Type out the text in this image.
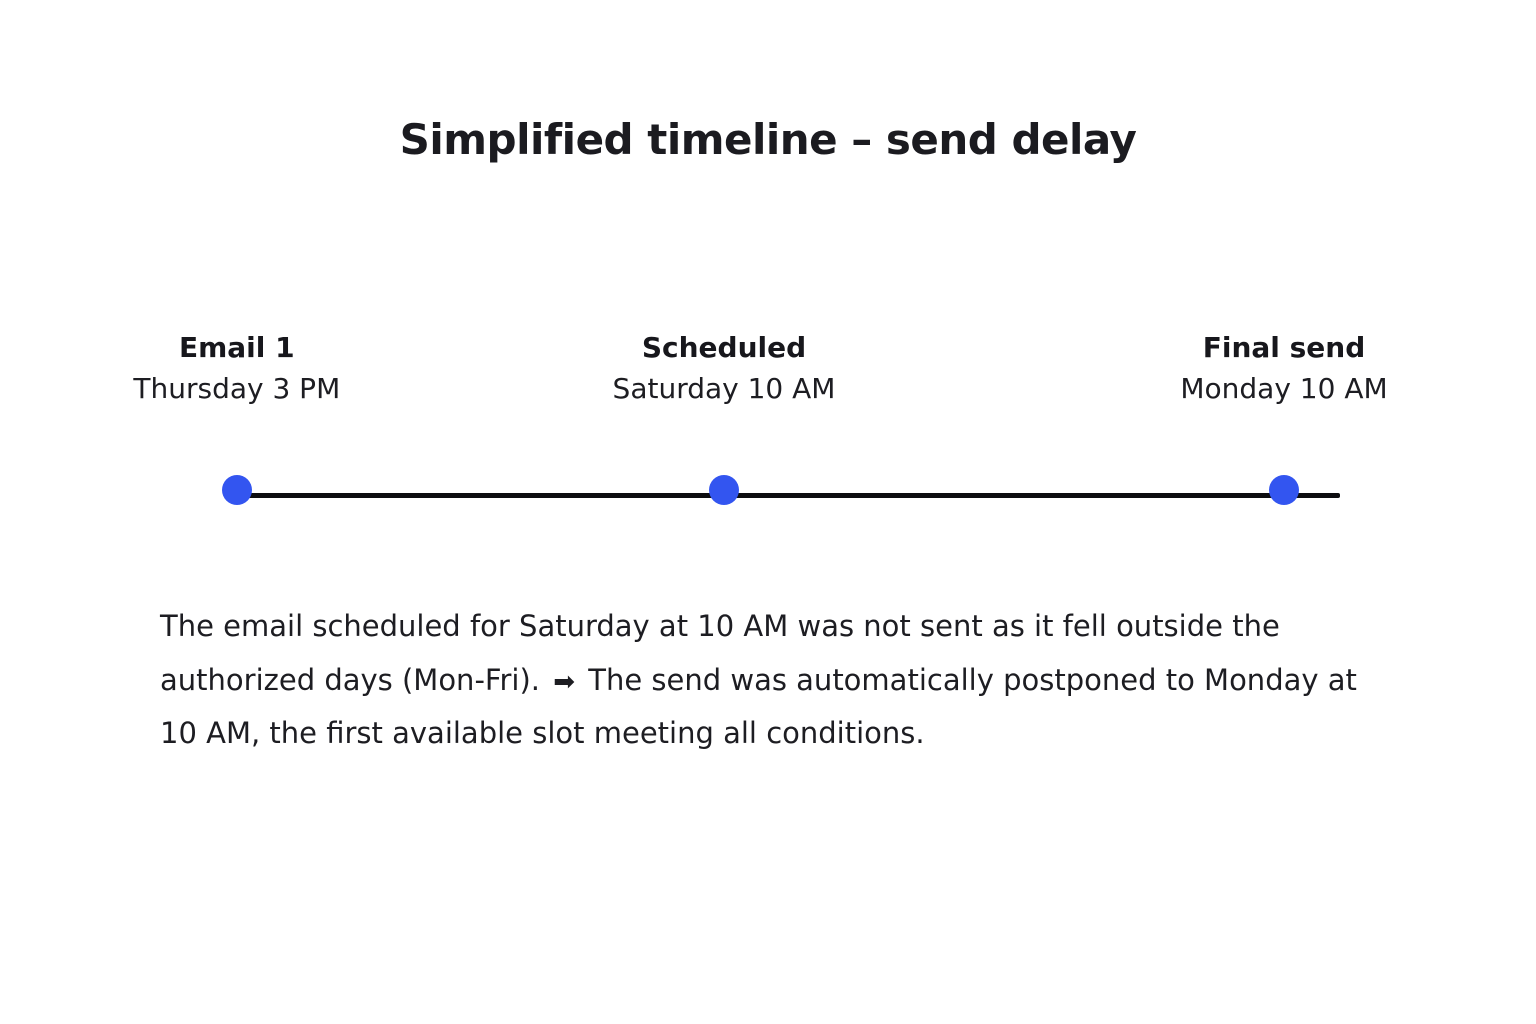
Simplified timeline – send delay
Email 1
Thursday 3 PM
Scheduled
Saturday 10 AM
Final send
Monday 10 AM
The email scheduled for Saturday at 10 AM was not sent as it fell outside the authorized days (Mon-Fri). ➡ The send was automatically postponed to Monday at 10 AM, the first available slot meeting all conditions.
